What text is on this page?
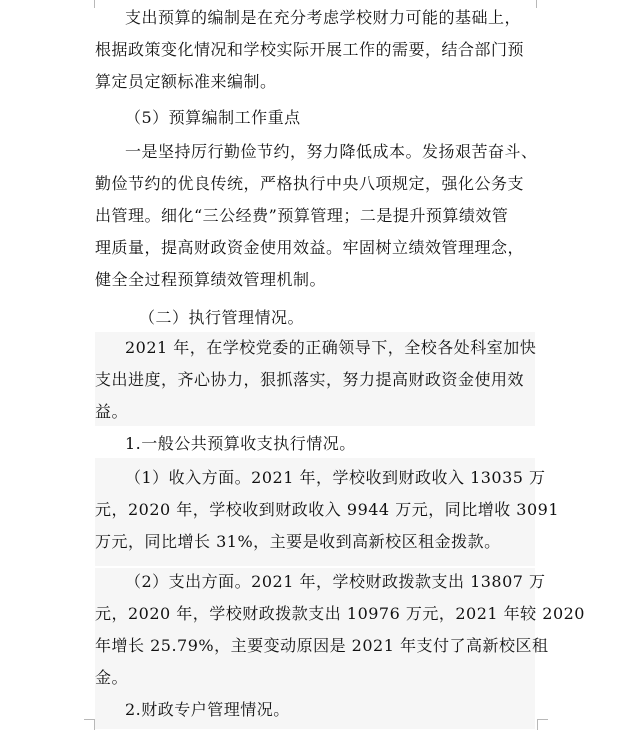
支出预算的编制是在充分考虑学校财力可能的基础上，
根据政策变化情况和学校实际开展工作的需要，结合部门预
算定员定额标准来编制。
（5）预算编制工作重点
一是坚持厉行勤俭节约，努力降低成本。发扬艰苦奋斗、
勤俭节约的优良传统，严格执行中央八项规定，强化公务支
出管理。细化“三公经费”预算管理；二是提升预算绩效管
理质量，提高财政资金使用效益。牢固树立绩效管理理念，
健全全过程预算绩效管理机制。
（二）执行管理情况。
2021 年，在学校党委的正确领导下，全校各处科室加快
支出进度，齐心协力，狠抓落实，努力提高财政资金使用效
益。
1.一般公共预算收支执行情况。
（1）收入方面。2021 年，学校收到财政收入 13035 万
元，2020 年，学校收到财政收入 9944 万元，同比增收 3091
万元，同比增长 31%，主要是收到高新校区租金拨款。
（2）支出方面。2021 年，学校财政拨款支出 13807 万
元，2020 年，学校财政拨款支出 10976 万元，2021 年较 2020
年增长 25.79%，主要变动原因是 2021 年支付了高新校区租
金。
2.财政专户管理情况。
